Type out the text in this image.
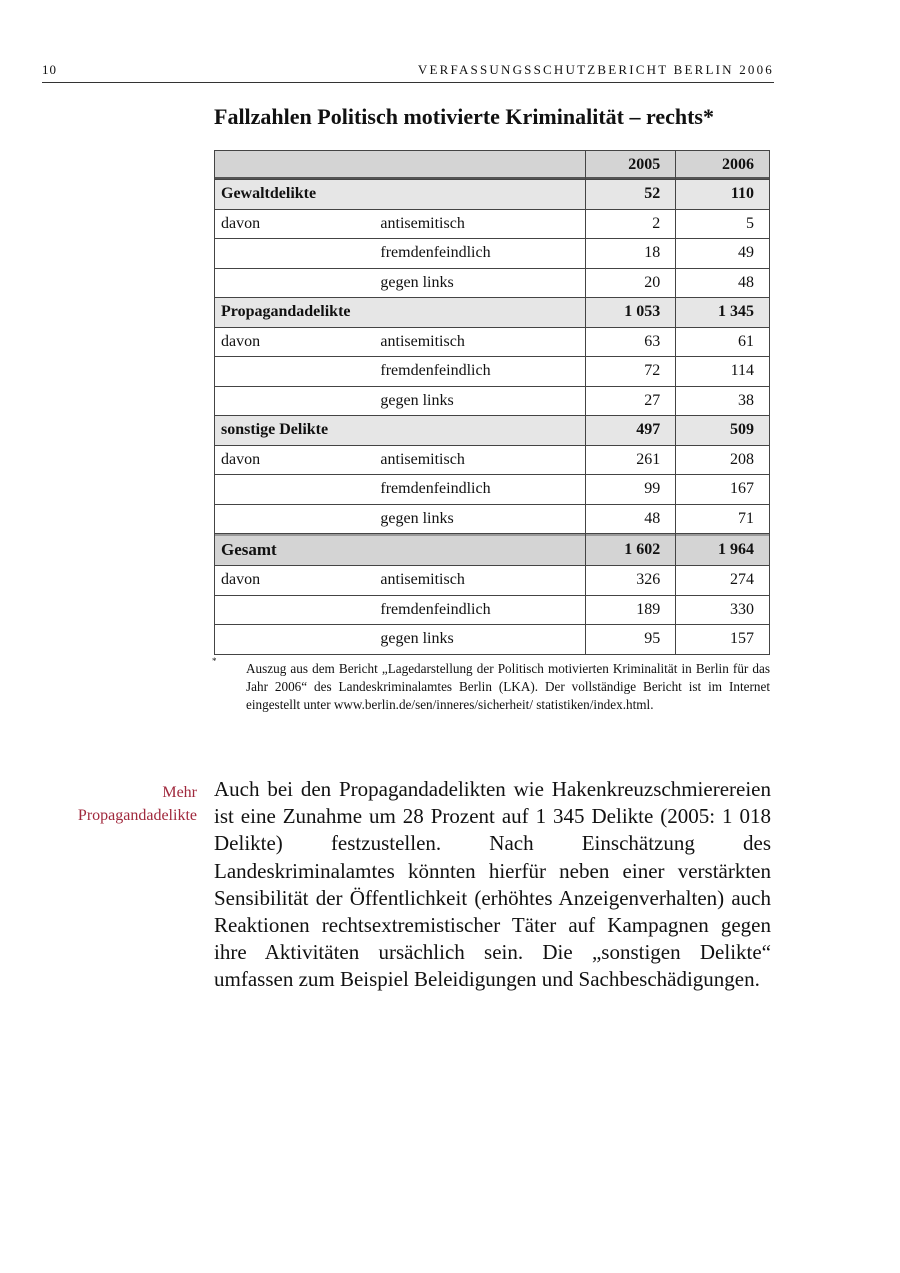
10	VERFASSUNGSSCHUTZBERICHT BERLIN 2006
Fallzahlen Politisch motivierte Kriminalität – rechts*
		2005	2006
Gewaltdelikte		52	110
davon	antisemitisch	2	5
	fremdenfeindlich	18	49
	gegen links	20	48
Propagandadelikte		1 053	1 345
davon	antisemitisch	63	61
	fremdenfeindlich	72	114
	gegen links	27	38
sonstige Delikte		497	509
davon	antisemitisch	261	208
	fremdenfeindlich	99	167
	gegen links	48	71
Gesamt		1 602	1 964
davon	antisemitisch	326	274
	fremdenfeindlich	189	330
	gegen links	95	157
* Auszug aus dem Bericht „Lagedarstellung der Politisch motivierten Kriminalität in Berlin für das Jahr 2006“ des Landeskriminalamtes Berlin (LKA). Der vollständige Bericht ist im Internet eingestellt unter www.berlin.de/sen/inneres/sicherheit/ statistiken/index.html.
Mehr
Propagandadelikte
Auch bei den Propagandadelikten wie Hakenkreuzschmierereien ist eine Zunahme um 28 Prozent auf 1 345 Delikte (2005: 1 018 Delikte) festzustellen. Nach Einschätzung des Landeskriminalamtes könnten hierfür neben einer verstärkten Sensibilität der Öffentlichkeit (erhöhtes Anzeigenverhalten) auch Reaktionen rechtsextremistischer Täter auf Kampagnen gegen ihre Aktivitäten ursächlich sein. Die „sonstigen Delikte“ umfassen zum Beispiel Beleidigungen und Sachbeschädigungen.
